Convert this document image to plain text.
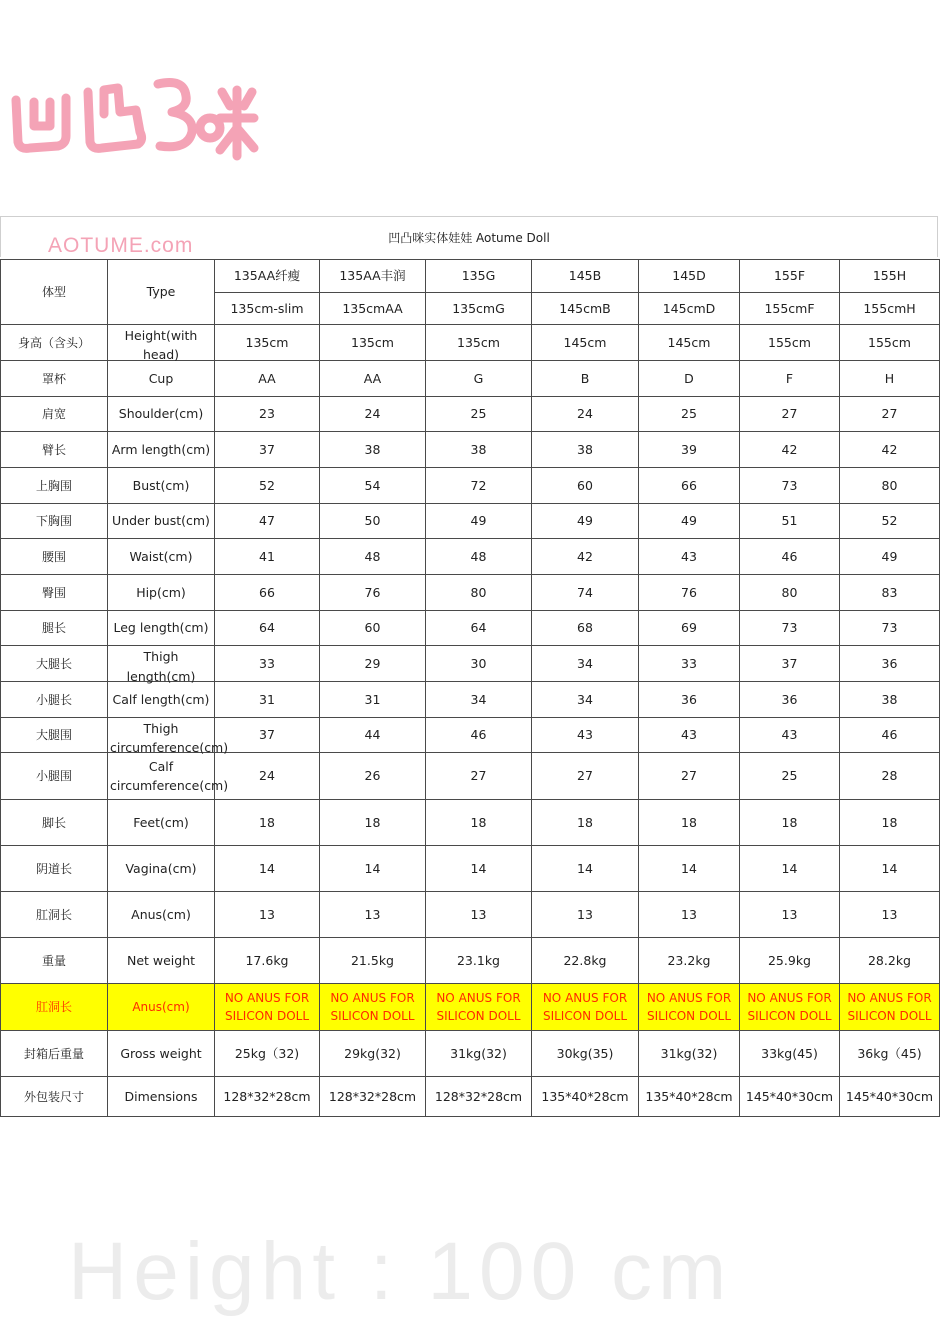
AOTUME.com	凹凸咪实体娃娃 Aotume Doll
体型	Type	135AA纤瘦	135AA丰润	135G	145B	145D	155F	155H
		135cm-slim	135cmAA	135cmG	145cmB	145cmD	155cmF	155cmH
身高（含头）	Height(with head)	135cm	135cm	135cm	145cm	145cm	155cm	155cm
罩杯	Cup	AA	AA	G	B	D	F	H
肩宽	Shoulder(cm)	23	24	25	24	25	27	27
臂长	Arm length(cm)	37	38	38	38	39	42	42
上胸围	Bust(cm)	52	54	72	60	66	73	80
下胸围	Under bust(cm)	47	50	49	49	49	51	52
腰围	Waist(cm)	41	48	48	42	43	46	49
臀围	Hip(cm)	66	76	80	74	76	80	83
腿长	Leg length(cm)	64	60	64	68	69	73	73
大腿长	Thigh length(cm)	33	29	30	34	33	37	36
小腿长	Calf length(cm)	31	31	34	34	36	36	38
大腿围	Thigh circumference(cm)	37	44	46	43	43	43	46
小腿围	Calf circumference(cm)	24	26	27	27	27	25	28
脚长	Feet(cm)	18	18	18	18	18	18	18
阴道长	Vagina(cm)	14	14	14	14	14	14	14
肛洞长	Anus(cm)	13	13	13	13	13	13	13
重量	Net weight	17.6kg	21.5kg	23.1kg	22.8kg	23.2kg	25.9kg	28.2kg
肛洞长	Anus(cm)	NO ANUS FOR SILICON DOLL	NO ANUS FOR SILICON DOLL	NO ANUS FOR SILICON DOLL	NO ANUS FOR SILICON DOLL	NO ANUS FOR SILICON DOLL	NO ANUS FOR SILICON DOLL	NO ANUS FOR SILICON DOLL
封箱后重量	Gross weight	25kg（32)	29kg(32)	31kg(32)	30kg(35)	31kg(32)	33kg(45)	36kg（45)
外包装尺寸	Dimensions	128*32*28cm	128*32*28cm	128*32*28cm	135*40*28cm	135*40*28cm	145*40*30cm	145*40*30cm
Height : 100 cm
